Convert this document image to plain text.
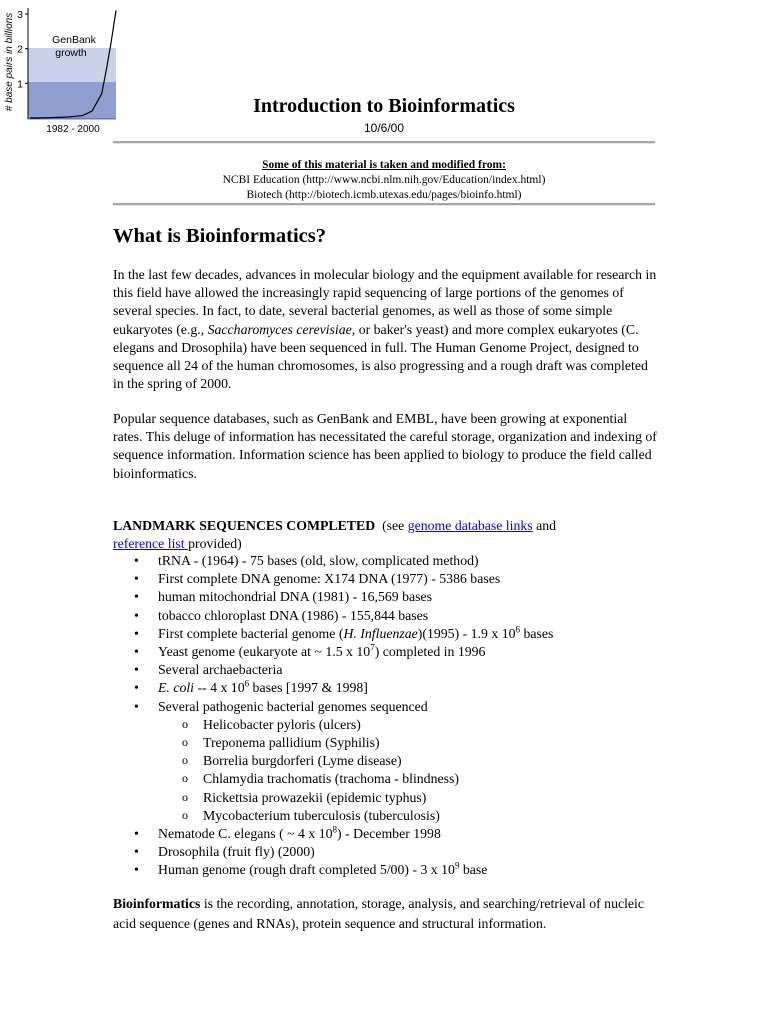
1
2
3
GenBank
growth
# base pairs in billions
1982 - 2000
Introduction to Bioinformatics
10/6/00
Some of this material is taken and modified from:
NCBI Education (http://www.ncbi.nlm.nih.gov/Education/index.html)
Biotech (http://biotech.icmb.utexas.edu/pages/bioinfo.html)
What is Bioinformatics?
In the last few decades, advances in molecular biology and the equipment available for research in this field have allowed the increasingly rapid sequencing of large portions of the genomes of several species. In fact, to date, several bacterial genomes, as well as those of some simple eukaryotes (e.g., Saccharomyces cerevisiae, or baker's yeast) and more complex eukaryotes (C. elegans and Drosophila) have been sequenced in full. The Human Genome Project, designed to sequence all 24 of the human chromosomes, is also progressing and a rough draft was completed in the spring of 2000.
Popular sequence databases, such as GenBank and EMBL, have been growing at exponential rates. This deluge of information has necessitated the careful storage, organization and indexing of sequence information. Information science has been applied to biology to produce the field called bioinformatics.
LANDMARK SEQUENCES COMPLETED  (see genome database links and
reference list provided)
• tRNA - (1964) - 75 bases (old, slow, complicated method)
• First complete DNA genome: X174 DNA (1977) - 5386 bases
• human mitochondrial DNA (1981) - 16,569 bases
• tobacco chloroplast DNA (1986) - 155,844 bases
• First complete bacterial genome (H. Influenzae)(1995) - 1.9 x $10^6$ bases
• Yeast genome (eukaryote at ~ 1.5 x $10^7$) completed in 1996
• Several archaebacteria
• E. coli -- 4 x $10^6$ bases [1997 & 1998]
• Several pathogenic bacterial genomes sequenced
o Helicobacter pyloris (ulcers)
o Treponema pallidium (Syphilis)
o Borrelia burgdorferi (Lyme disease)
o Chlamydia trachomatis (trachoma - blindness)
o Rickettsia prowazekii (epidemic typhus)
o Mycobacterium tuberculosis (tuberculosis)
• Nematode C. elegans ( ~ 4 x $10^8$) - December 1998
• Drosophila (fruit fly) (2000)
• Human genome (rough draft completed 5/00) - 3 x $10^9$ base
Bioinformatics is the recording, annotation, storage, analysis, and searching/retrieval of nucleic acid sequence (genes and RNAs), protein sequence and structural information.
